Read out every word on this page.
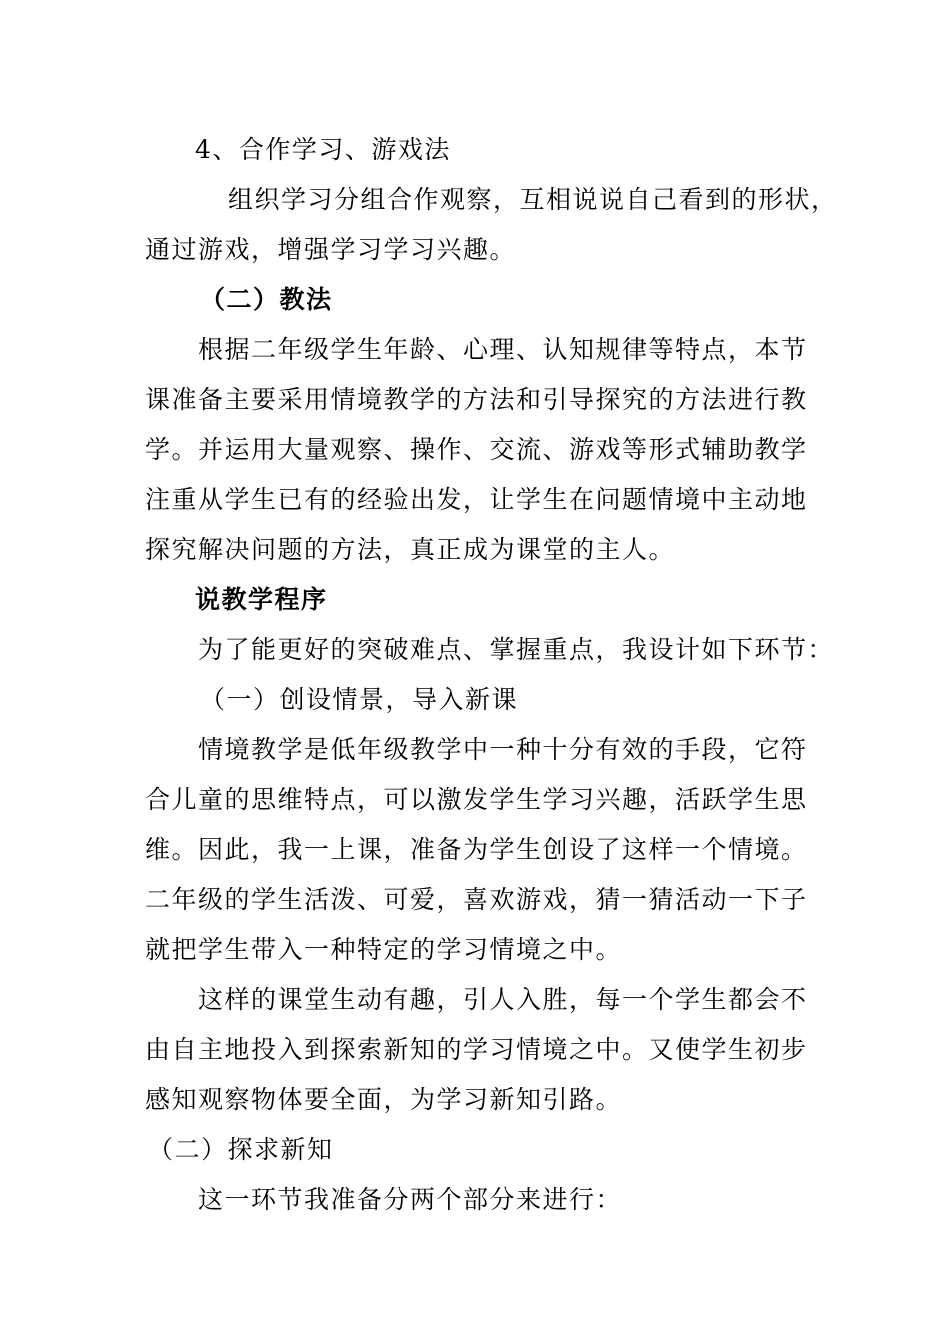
4、合作学习、游戏法
组织学习分组合作观察，互相说说自己看到的形状，
通过游戏，增强学习学习兴趣。
（二）教法
根据二年级学生年龄、心理、认知规律等特点，本节
课准备主要采用情境教学的方法和引导探究的方法进行教
学。并运用大量观察、操作、交流、游戏等形式辅助教学
注重从学生已有的经验出发，让学生在问题情境中主动地
探究解决问题的方法，真正成为课堂的主人。
说教学程序
为了能更好的突破难点、掌握重点，我设计如下环节：
（一）创设情景，导入新课
情境教学是低年级教学中一种十分有效的手段，它符
合儿童的思维特点，可以激发学生学习兴趣，活跃学生思
维。因此，我一上课，准备为学生创设了这样一个情境。
二年级的学生活泼、可爱，喜欢游戏，猜一猜活动一下子
就把学生带入一种特定的学习情境之中。
这样的课堂生动有趣，引人入胜，每一个学生都会不
由自主地投入到探索新知的学习情境之中。又使学生初步
感知观察物体要全面，为学习新知引路。
（二）探求新知
这一环节我准备分两个部分来进行：
